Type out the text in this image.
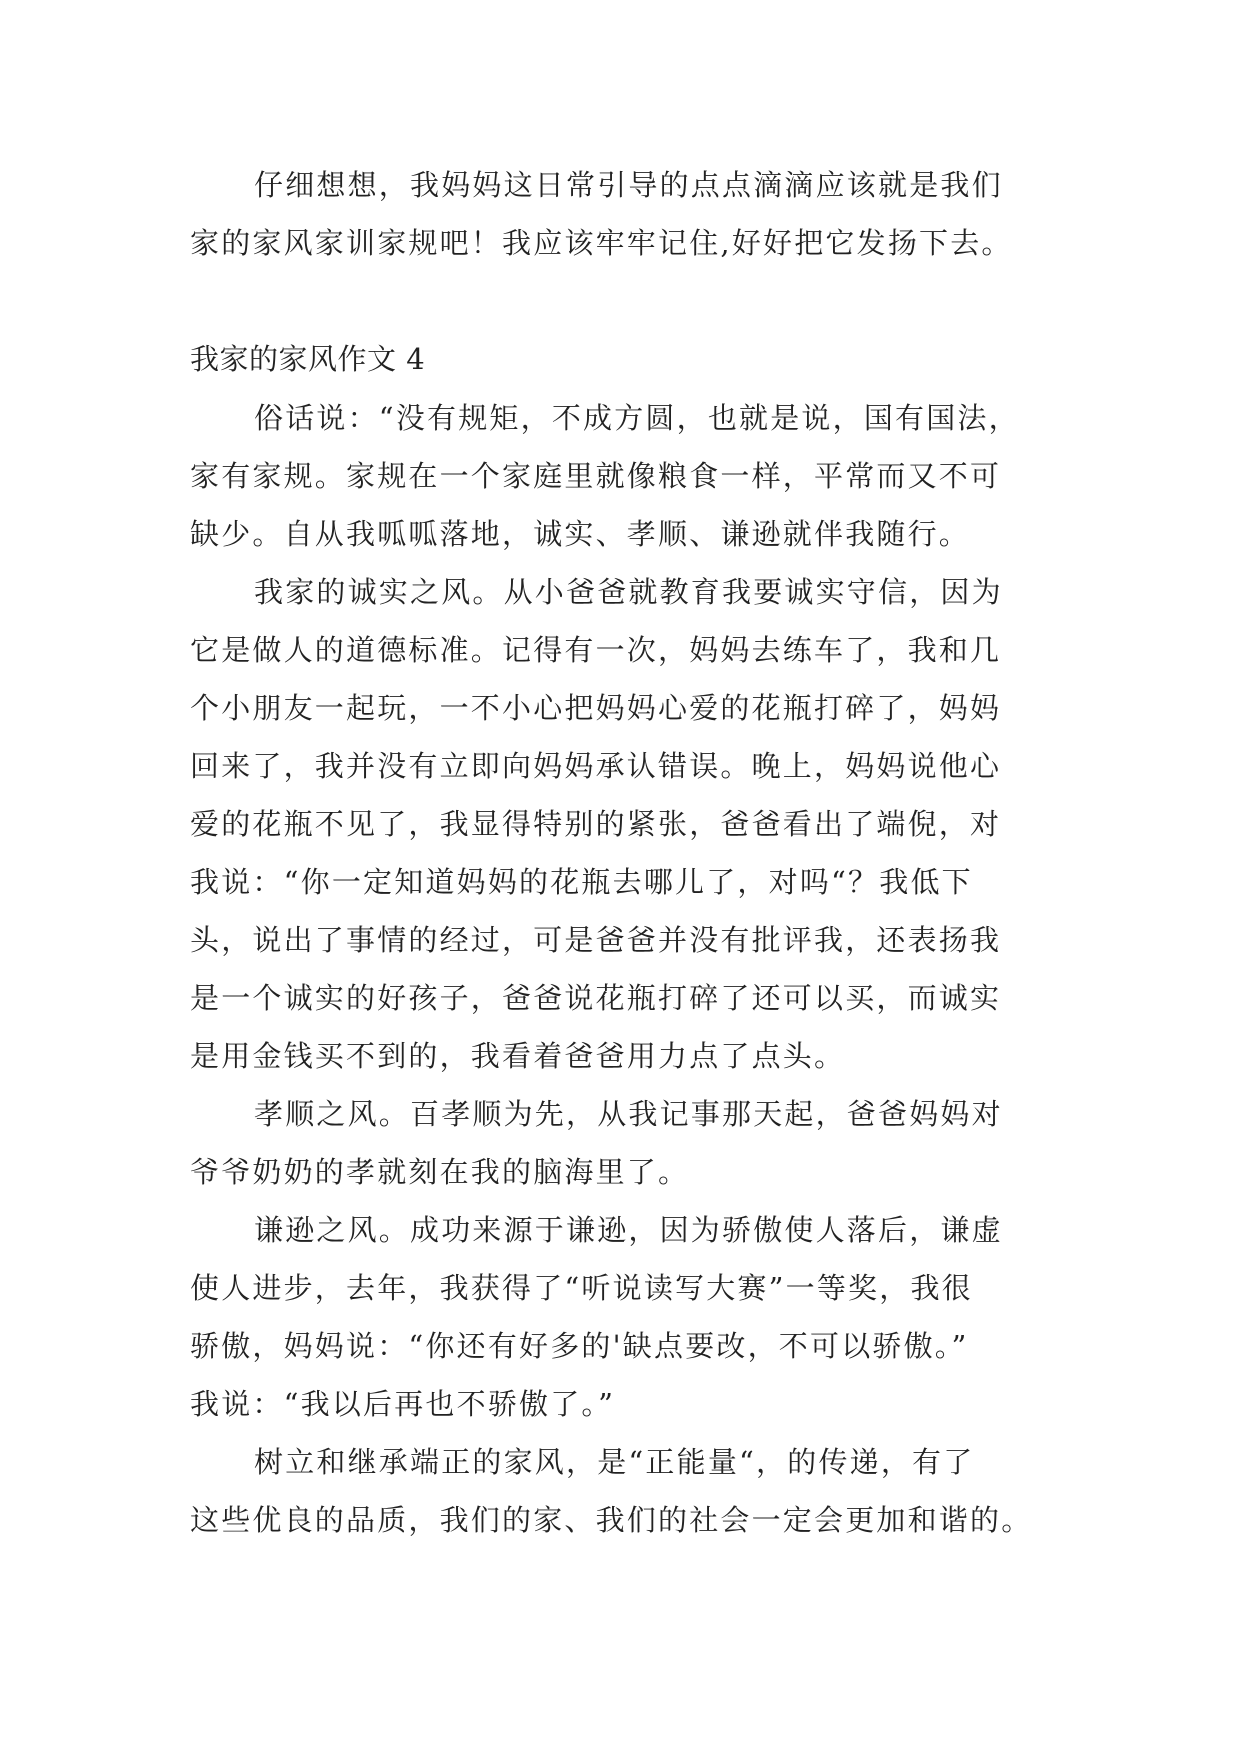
仔细想想，我妈妈这日常引导的点点滴滴应该就是我们
家的家风家训家规吧！我应该牢牢记住,好好把它发扬下去。
我家的家风作文 4
俗话说：“没有规矩，不成方圆，也就是说，国有国法，
家有家规。家规在一个家庭里就像粮食一样，平常而又不可
缺少。自从我呱呱落地，诚实、孝顺、谦逊就伴我随行。
我家的诚实之风。从小爸爸就教育我要诚实守信，因为
它是做人的道德标准。记得有一次，妈妈去练车了，我和几
个小朋友一起玩，一不小心把妈妈心爱的花瓶打碎了，妈妈
回来了，我并没有立即向妈妈承认错误。晚上，妈妈说他心
爱的花瓶不见了，我显得特别的紧张，爸爸看出了端倪，对
我说：“你一定知道妈妈的花瓶去哪儿了，对吗“？我低下
头，说出了事情的经过，可是爸爸并没有批评我，还表扬我
是一个诚实的好孩子，爸爸说花瓶打碎了还可以买，而诚实
是用金钱买不到的，我看着爸爸用力点了点头。
孝顺之风。百孝顺为先，从我记事那天起，爸爸妈妈对
爷爷奶奶的孝就刻在我的脑海里了。
谦逊之风。成功来源于谦逊，因为骄傲使人落后，谦虚
使人进步，去年，我获得了“听说读写大赛”一等奖，我很
骄傲，妈妈说：“你还有好多的'缺点要改，不可以骄傲。”
我说：“我以后再也不骄傲了。”
树立和继承端正的家风，是“正能量“，的传递，有了
这些优良的品质，我们的家、我们的社会一定会更加和谐的。
